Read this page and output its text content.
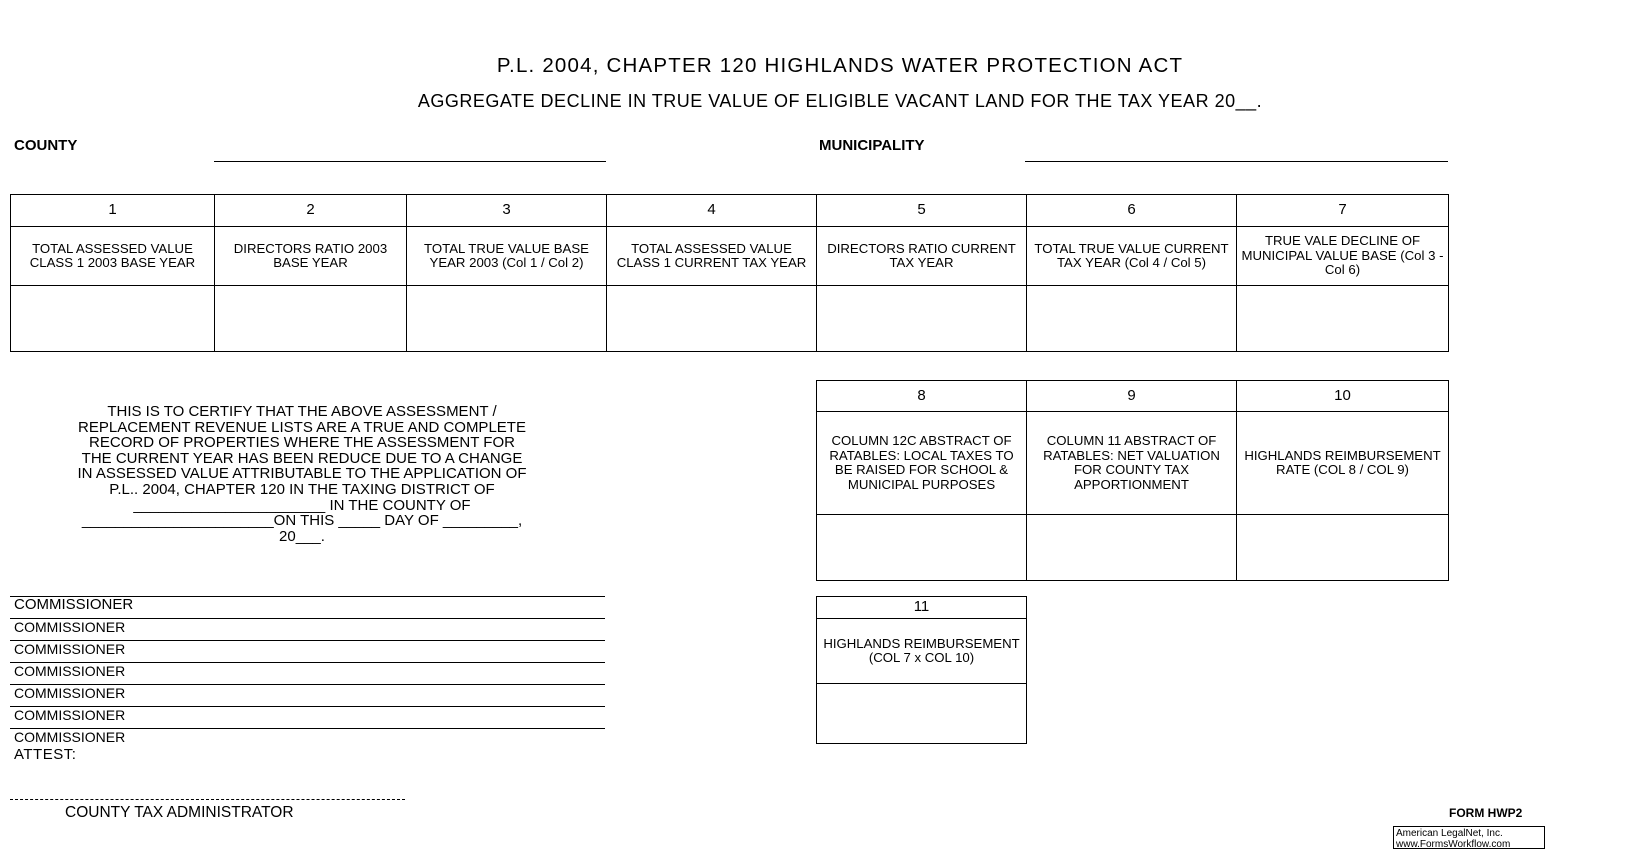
P.L. 2004, CHAPTER 120 HIGHLANDS WATER PROTECTION ACT
AGGREGATE DECLINE IN TRUE VALUE OF ELIGIBLE VACANT LAND FOR THE TAX YEAR 20__.
COUNTY	MUNICIPALITY
1	2	3	4	5	6	7
TOTAL ASSESSED VALUE CLASS 1 2003 BASE YEAR	DIRECTORS RATIO 2003 BASE YEAR	TOTAL TRUE VALUE BASE YEAR 2003 (Col 1 / Col 2)	TOTAL ASSESSED VALUE CLASS 1 CURRENT TAX YEAR	DIRECTORS RATIO CURRENT TAX YEAR	TOTAL TRUE VALUE CURRENT TAX YEAR (Col 4 / Col 5)	TRUE VALE DECLINE OF MUNICIPAL VALUE BASE (Col 3 - Col 6)

8	9	10
COLUMN 12C ABSTRACT OF RATABLES: LOCAL TAXES TO BE RAISED FOR SCHOOL & MUNICIPAL PURPOSES	COLUMN 11 ABSTRACT OF RATABLES: NET VALUATION FOR COUNTY TAX APPORTIONMENT	HIGHLANDS REIMBURSEMENT RATE (COL 8 / COL 9)

11
HIGHLANDS REIMBURSEMENT (COL 7 x COL 10)

THIS IS TO CERTIFY THAT THE ABOVE ASSESSMENT /
REPLACEMENT REVENUE LISTS ARE A TRUE AND COMPLETE
RECORD OF PROPERTIES WHERE THE ASSESSMENT FOR
THE CURRENT YEAR HAS BEEN REDUCE DUE TO A CHANGE
IN ASSESSED VALUE ATTRIBUTABLE TO THE APPLICATION OF
P.L.. 2004, CHAPTER 120 IN THE TAXING DISTRICT OF
_______________________ IN THE COUNTY OF
_______________________ON THIS _____ DAY OF _________,
20___.
COMMISSIONER
COMMISSIONER
COMMISSIONER
COMMISSIONER
COMMISSIONER
COMMISSIONER
COMMISSIONER
ATTEST:
COUNTY TAX ADMINISTRATOR	FORM HWP2
American LegalNet, Inc.
www.FormsWorkflow.com
